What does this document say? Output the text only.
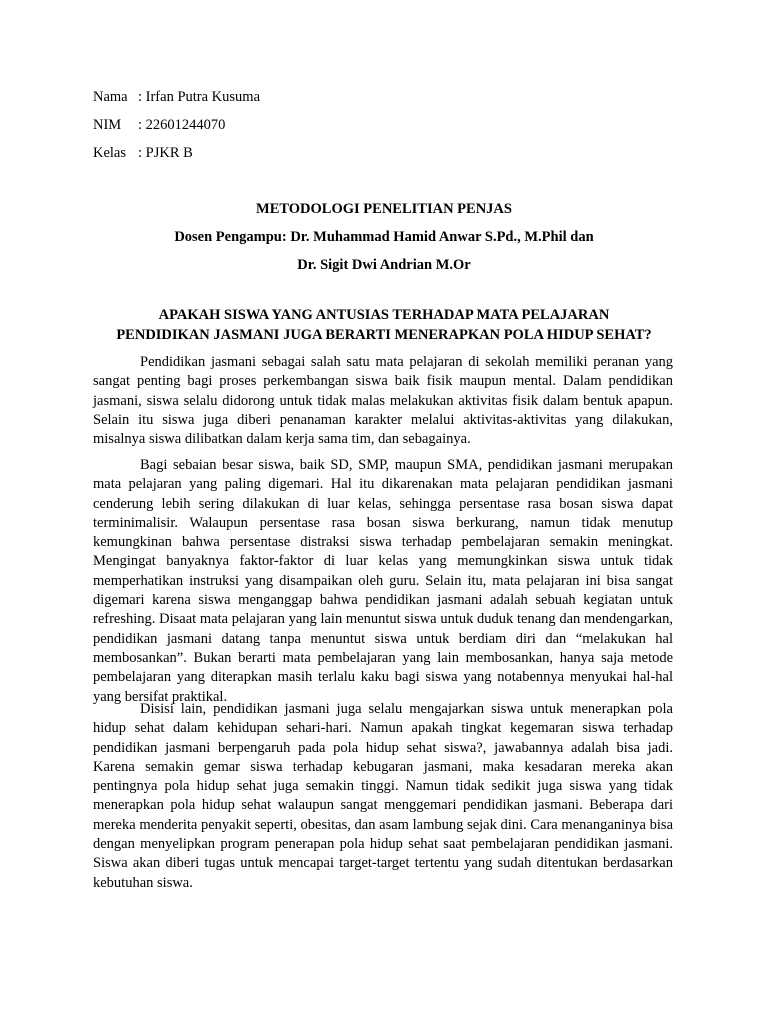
Nama : Irfan Putra Kusuma
NIM : 22601244070
Kelas : PJKR B
METODOLOGI PENELITIAN PENJAS
Dosen Pengampu: Dr. Muhammad Hamid Anwar S.Pd., M.Phil dan
Dr. Sigit Dwi Andrian M.Or
APAKAH SISWA YANG ANTUSIAS TERHADAP MATA PELAJARAN
PENDIDIKAN JASMANI JUGA BERARTI MENERAPKAN POLA HIDUP SEHAT?

Pendidikan jasmani sebagai salah satu mata pelajaran di sekolah memiliki peranan yang sangat penting bagi proses perkembangan siswa baik fisik maupun mental. Dalam pendidikan jasmani, siswa selalu didorong untuk tidak malas melakukan aktivitas fisik dalam bentuk apapun. Selain itu siswa juga diberi penanaman karakter melalui aktivitas-aktivitas yang dilakukan, misalnya siswa dilibatkan dalam kerja sama tim, dan sebagainya.

Bagi sebaian besar siswa, baik SD, SMP, maupun SMA, pendidikan jasmani merupakan mata pelajaran yang paling digemari. Hal itu dikarenakan mata pelajaran pendidikan jasmani cenderung lebih sering dilakukan di luar kelas, sehingga persentase rasa bosan siswa dapat terminimalisir. Walaupun persentase rasa bosan siswa berkurang, namun tidak menutup kemungkinan bahwa persentase distraksi siswa terhadap pembelajaran semakin meningkat. Mengingat banyaknya faktor-faktor di luar kelas yang memungkinkan siswa untuk tidak memperhatikan instruksi yang disampaikan oleh guru. Selain itu, mata pelajaran ini bisa sangat digemari karena siswa menganggap bahwa pendidikan jasmani adalah sebuah kegiatan untuk refreshing. Disaat mata pelajaran yang lain menuntut siswa untuk duduk tenang dan mendengarkan, pendidikan jasmani datang tanpa menuntut siswa untuk berdiam diri dan “melakukan hal membosankan”. Bukan berarti mata pembelajaran yang lain membosankan, hanya saja metode pembelajaran yang diterapkan masih terlalu kaku bagi siswa yang notabennya menyukai hal-hal yang bersifat praktikal.

Disisi lain, pendidikan jasmani juga selalu mengajarkan siswa untuk menerapkan pola hidup sehat dalam kehidupan sehari-hari. Namun apakah tingkat kegemaran siswa terhadap pendidikan jasmani berpengaruh pada pola hidup sehat siswa?, jawabannya adalah bisa jadi. Karena semakin gemar siswa terhadap kebugaran jasmani, maka kesadaran mereka akan pentingnya pola hidup sehat juga semakin tinggi. Namun tidak sedikit juga siswa yang tidak menerapkan pola hidup sehat walaupun sangat menggemari pendidikan jasmani. Beberapa dari mereka menderita penyakit seperti, obesitas, dan asam lambung sejak dini. Cara menanganinya bisa dengan menyelipkan program penerapan pola hidup sehat saat pembelajaran pendidikan jasmani. Siswa akan diberi tugas untuk mencapai target-target tertentu yang sudah ditentukan berdasarkan kebutuhan siswa.
